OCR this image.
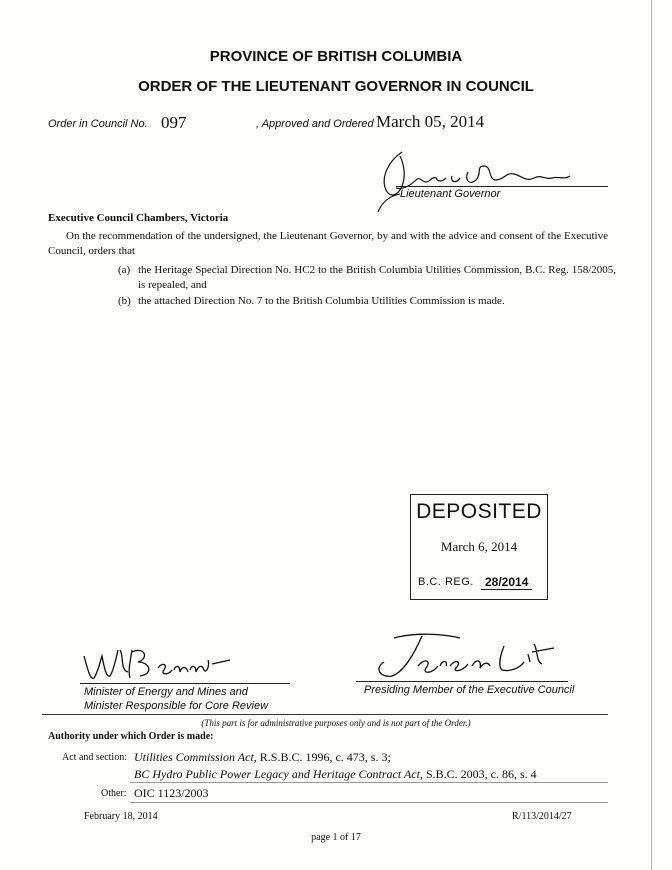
PROVINCE OF BRITISH COLUMBIA
ORDER OF THE LIEUTENANT GOVERNOR IN COUNCIL
Order in Council No. 097	, Approved and Ordered March 05, 2014
Lieutenant Governor
Executive Council Chambers, Victoria
On the recommendation of the undersigned, the Lieutenant Governor, by and with the advice and consent of the Executive Council, orders that
(a) the Heritage Special Direction No. HC2 to the British Columbia Utilities Commission, B.C. Reg. 158/2005, is repealed, and
(b) the attached Direction No. 7 to the British Columbia Utilities Commission is made.
DEPOSITED
March 6, 2014
B.C. REG. 28/2014
Minister of Energy and Mines and
Minister Responsible for Core Review
Presiding Member of the Executive Council
(This part is for administrative purposes only and is not part of the Order.)
Authority under which Order is made:
Act and section: Utilities Commission Act, R.S.B.C. 1996, c. 473, s. 3;
BC Hydro Public Power Legacy and Heritage Contract Act, S.B.C. 2003, c. 86, s. 4
Other: OIC 1123/2003
February 18, 2014	R/113/2014/27
page 1 of 17
